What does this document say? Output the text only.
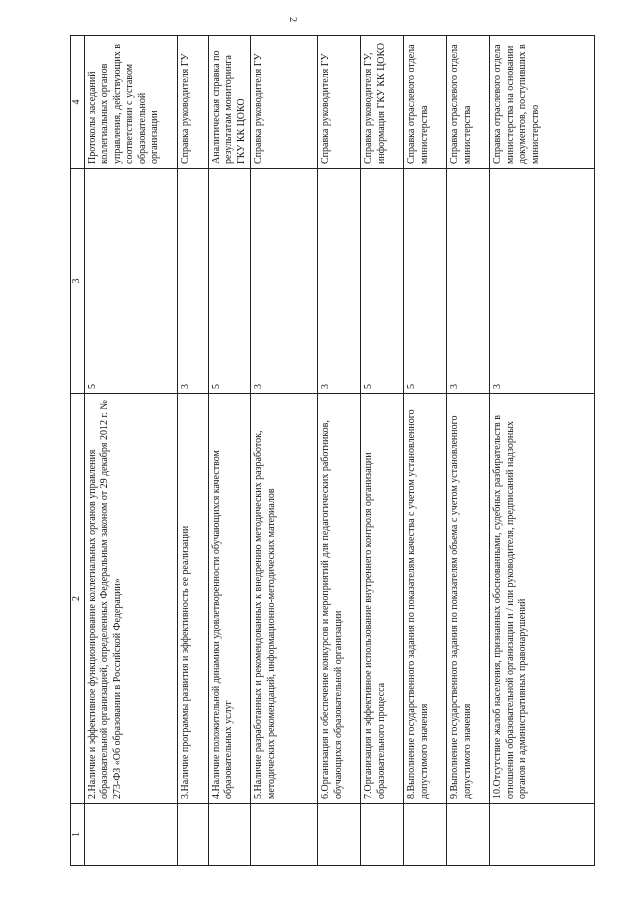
2
1	2	3	4
	2.Наличие и эффективное функционирование коллегиальных органов управления образовательной организацией, определенных Федеральным законом от 29 декабря 2012 г. № 273-ФЗ «Об образовании в Российской Федерации»	5	Протоколы заседаний коллегиальных органов управления, действующих в соответствии с уставом образовательной организации
	3.Наличие программы развития и эффективность ее реализации	3	Справка руководителя ГУ
	4.Наличие положительной динамики удовлетворенности обучающихся качеством образовательных услуг	5	Аналитическая справка по результатам мониторинга ГКУ КК ЦОКО
	5.Наличие разработанных и рекомендованных к внедрению методических разработок, методических рекомендаций, информационно-методических материалов	3	Справка руководителя ГУ
	6.Организация и обеспечение конкурсов и мероприятий для педагогических работников, обучающихся образовательной организации	3	Справка руководителя ГУ
	7.Организация и эффективное использование внутреннего контроля организации образовательного процесса	5	Справка руководителя ГУ, информация ГКУ КК ЦОКО
	8.Выполнение государственного задания по показателям качества с учетом установленного допустимого значения	5	Справка отраслевого отдела министерства
	9.Выполнение государственного задания по показателям объема с учетом установленного допустимого значения	3	Справка отраслевого отдела министерства
	10.Отсутствие жалоб населения, признанных обоснованными, судебных разбирательств в отношении образовательной организации и / или руководителя, предписаний надзорных органов и административных правонарушений	3	Справка отраслевого отдела министерства на основании документов, поступивших в министерство
